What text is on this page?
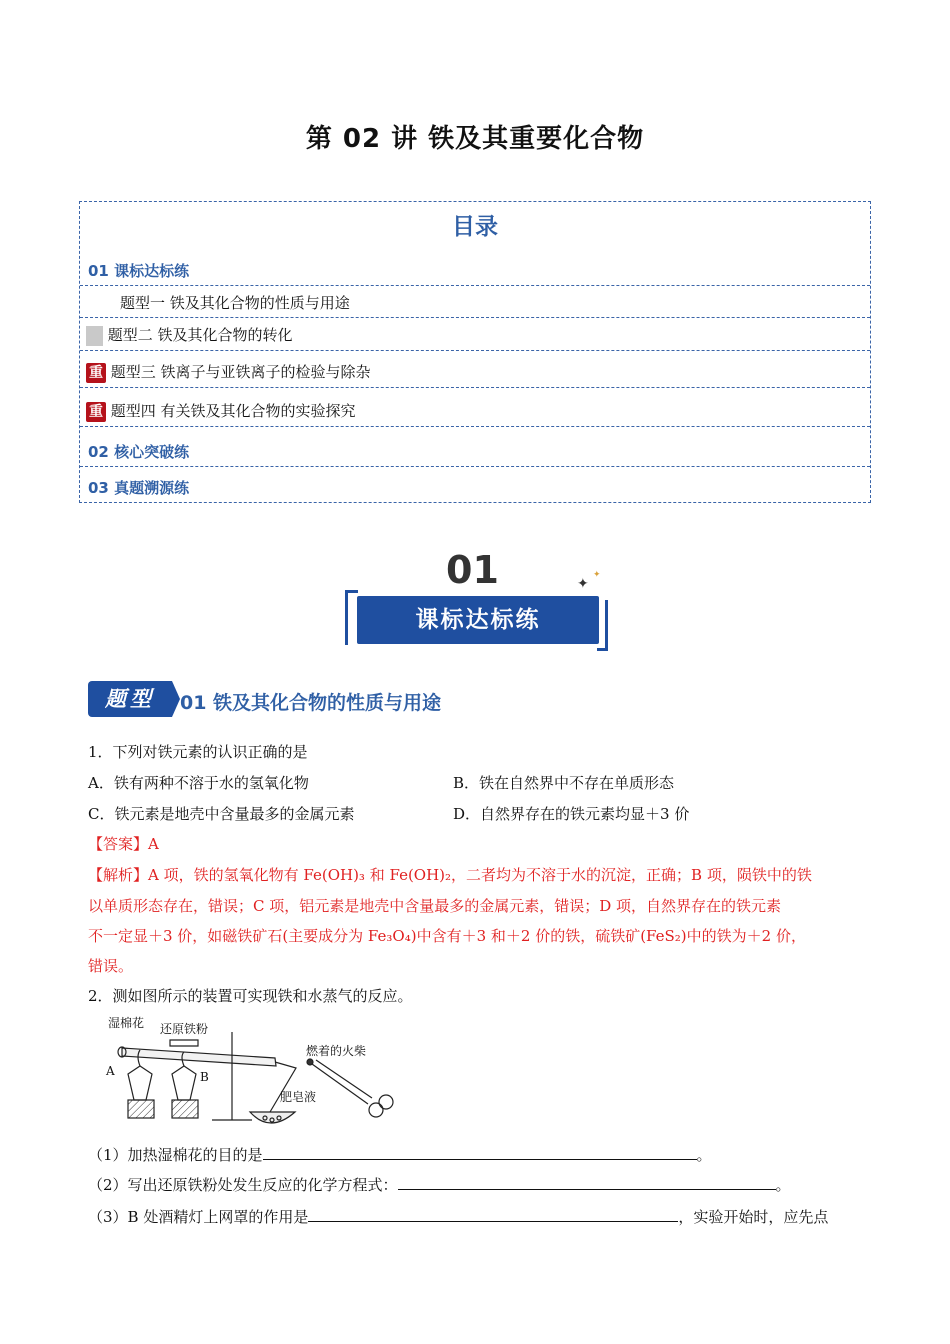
第 02 讲 铁及其重要化合物
目录
01 课标达标练
题型一 铁及其化合物的性质与用途
题型二 铁及其化合物的转化
重 题型三 铁离子与亚铁离子的检验与除杂
重 题型四 有关铁及其化合物的实验探究
02 核心突破练
03 真题溯源练
01
课标达标练
✦
✦
题型	01 铁及其化合物的性质与用途
1．下列对铁元素的认识正确的是
A．铁有两种不溶于水的氢氧化物	B．铁在自然界中不存在单质形态
C．铁元素是地壳中含量最多的金属元素	D．自然界存在的铁元素均显＋3 价
【答案】A
【解析】A 项，铁的氢氧化物有 Fe(OH)₃ 和 Fe(OH)₂，二者均为不溶于水的沉淀，正确；B 项，陨铁中的铁
以单质形态存在，错误；C 项，铝元素是地壳中含量最多的金属元素，错误；D 项，自然界存在的铁元素
不一定显＋3 价，如磁铁矿石(主要成分为 Fe₃O₄)中含有＋3 和＋2 价的铁，硫铁矿(FeS₂)中的铁为＋2 价，
错误。
2．测如图所示的装置可实现铁和水蒸气的反应。
湿棉花 还原铁粉
A	B
肥皂液
燃着的火柴
（1）加热湿棉花的目的是	。
（2）写出还原铁粉处发生反应的化学方程式：	。
（3）B 处酒精灯上网罩的作用是	，实验开始时，应先点
